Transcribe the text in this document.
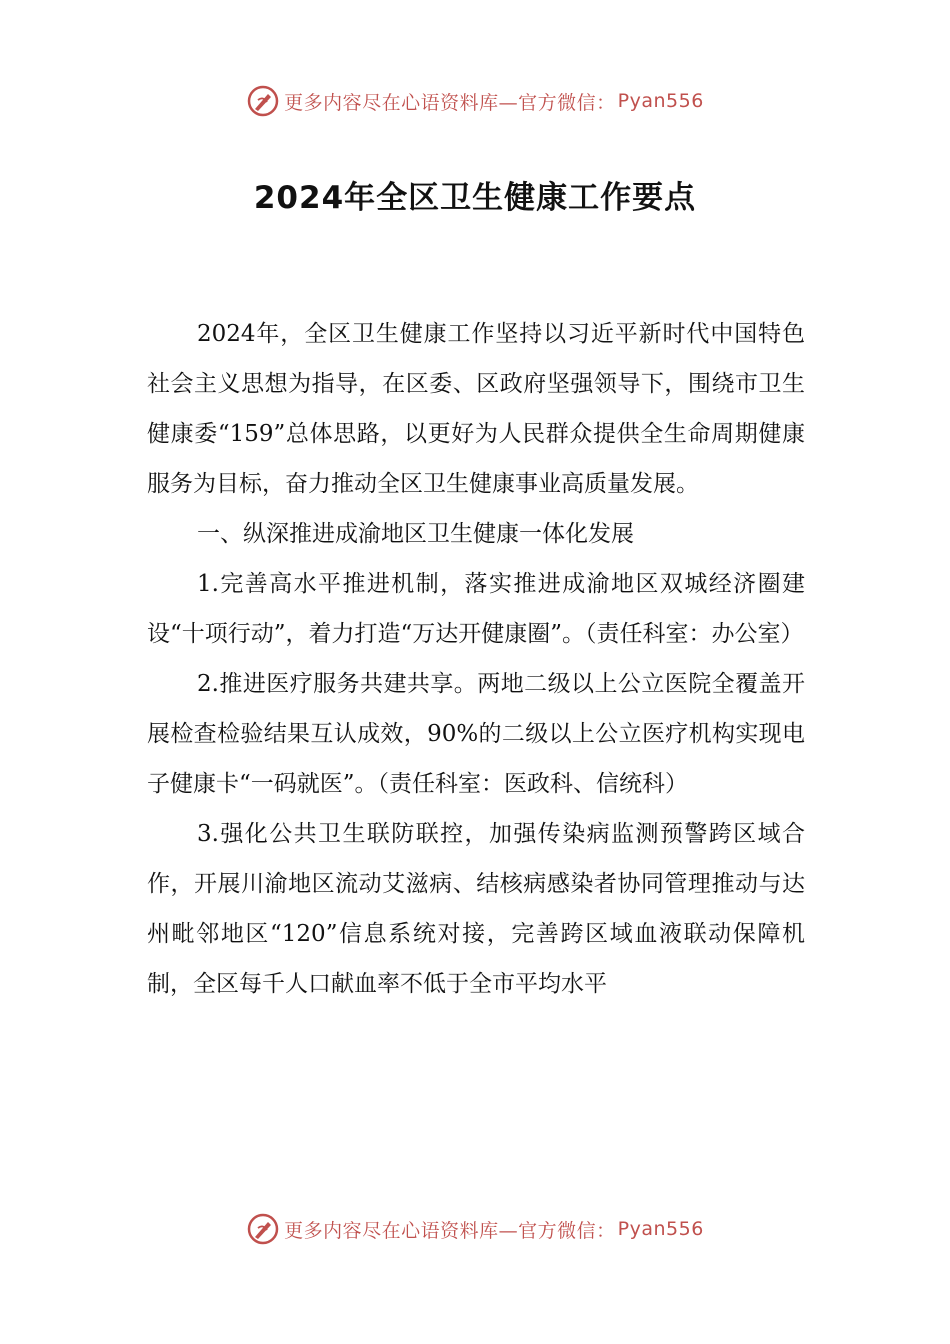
更多内容尽在心语资料库—官方微信： Pyan556
2024年全区卫生健康工作要点

2024年，全区卫生健康工作坚持以习近平新时代中国特色社会主义思想为指导，在区委、区政府坚强领导下，围绕市卫生健康委“159”总体思路，以更好为人民群众提供全生命周期健康服务为目标，奋力推动全区卫生健康事业高质量发展。

一、纵深推进成渝地区卫生健康一体化发展

1.完善高水平推进机制，落实推进成渝地区双城经济圈建设“十项行动”，着力打造“万达开健康圈”。（责任科室：办公室）

2.推进医疗服务共建共享。两地二级以上公立医院全覆盖开展检查检验结果互认成效，90%的二级以上公立医疗机构实现电子健康卡“一码就医”。（责任科室：医政科、信统科）

3.强化公共卫生联防联控，加强传染病监测预警跨区域合作，开展川渝地区流动艾滋病、结核病感染者协同管理推动与达州毗邻地区“120”信息系统对接，完善跨区域血液联动保障机制，全区每千人口献血率不低于全市平均水平

更多内容尽在心语资料库—官方微信： Pyan556
